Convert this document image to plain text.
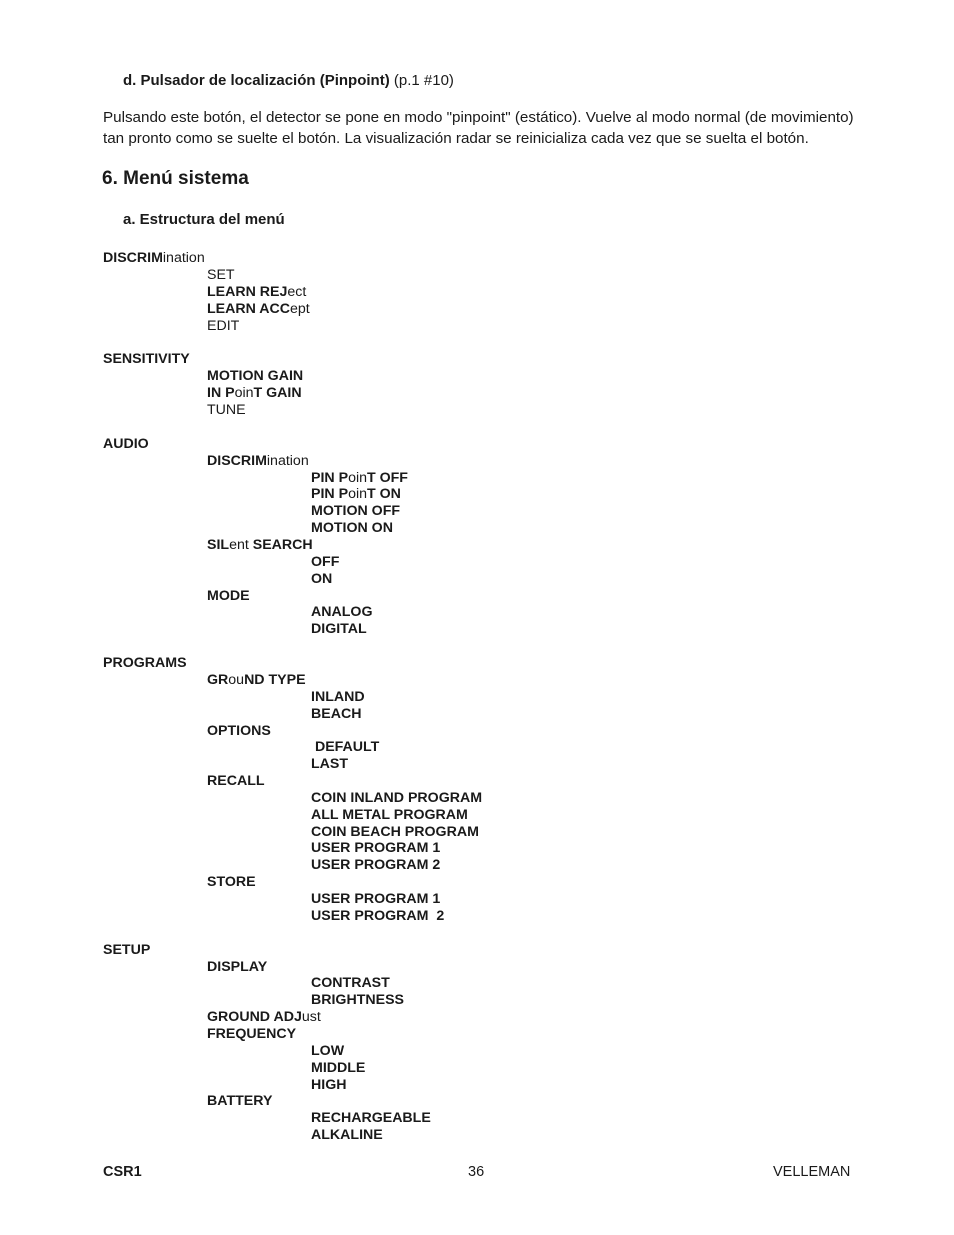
d. Pulsador de localización (Pinpoint) (p.1 #10)
Pulsando este botón, el detector se pone en modo "pinpoint" (estático). Vuelve al modo normal (de movimiento) tan pronto como se suelte el botón. La visualización radar se reinicializa cada vez que se suelta el botón.
6. Menú sistema
a. Estructura del menú
DISCRIMination
SET
LEARN REJect
LEARN ACCept
EDIT
SENSITIVITY
MOTION GAIN
IN PoinT GAIN
TUNE
AUDIO
DISCRIMination
PIN PoinT OFF
PIN PoinT ON
MOTION OFF
MOTION ON
SILent SEARCH
OFF
ON
MODE
ANALOG
DIGITAL
PROGRAMS
GRouND TYPE
INLAND
BEACH
OPTIONS
DEFAULT
LAST
RECALL
COIN INLAND PROGRAM
ALL METAL PROGRAM
COIN BEACH PROGRAM
USER PROGRAM 1
USER PROGRAM 2
STORE
USER PROGRAM 1
USER PROGRAM  2
SETUP
DISPLAY
CONTRAST
BRIGHTNESS
GROUND ADJust
FREQUENCY
LOW
MIDDLE
HIGH
BATTERY
RECHARGEABLE
ALKALINE
CSR1	36	VELLEMAN
